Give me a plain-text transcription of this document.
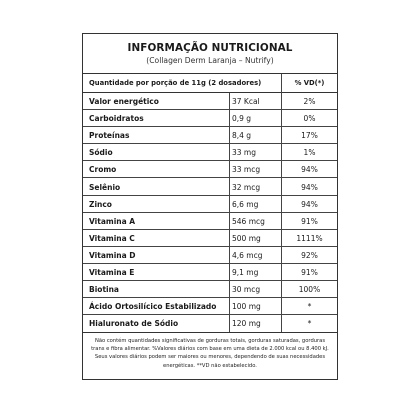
INFORMAÇÃO NUTRICIONAL
(Collagen Derm Laranja – Nutrify)
Quantidade por porção de 11g (2 dosadores)	% VD(*)
Valor energético	37 Kcal	2%
Carboidratos	0,9 g	0%
Proteínas	8,4 g	17%
Sódio	33 mg	1%
Cromo	33 mcg	94%
Selênio	32 mcg	94%
Zinco	6,6 mg	94%
Vitamina A	546 mcg	91%
Vitamina C	500 mg	1111%
Vitamina D	4,6 mcg	92%
Vitamina E	9,1 mg	91%
Biotina	30 mcg	100%
Ácido Ortosilícico Estabilizado	100 mg	*
Hialuronato de Sódio	120 mg	*
Não contém quantidades significativas de gorduras totais, gorduras saturadas, gorduras trans e fibra alimentar. %Valores diários com base em uma dieta de 2.000 kcal ou 8.400 kJ. Seus valores diários podem ser maiores ou menores, dependendo de suas necessidades energéticas. **VD não estabelecido.
